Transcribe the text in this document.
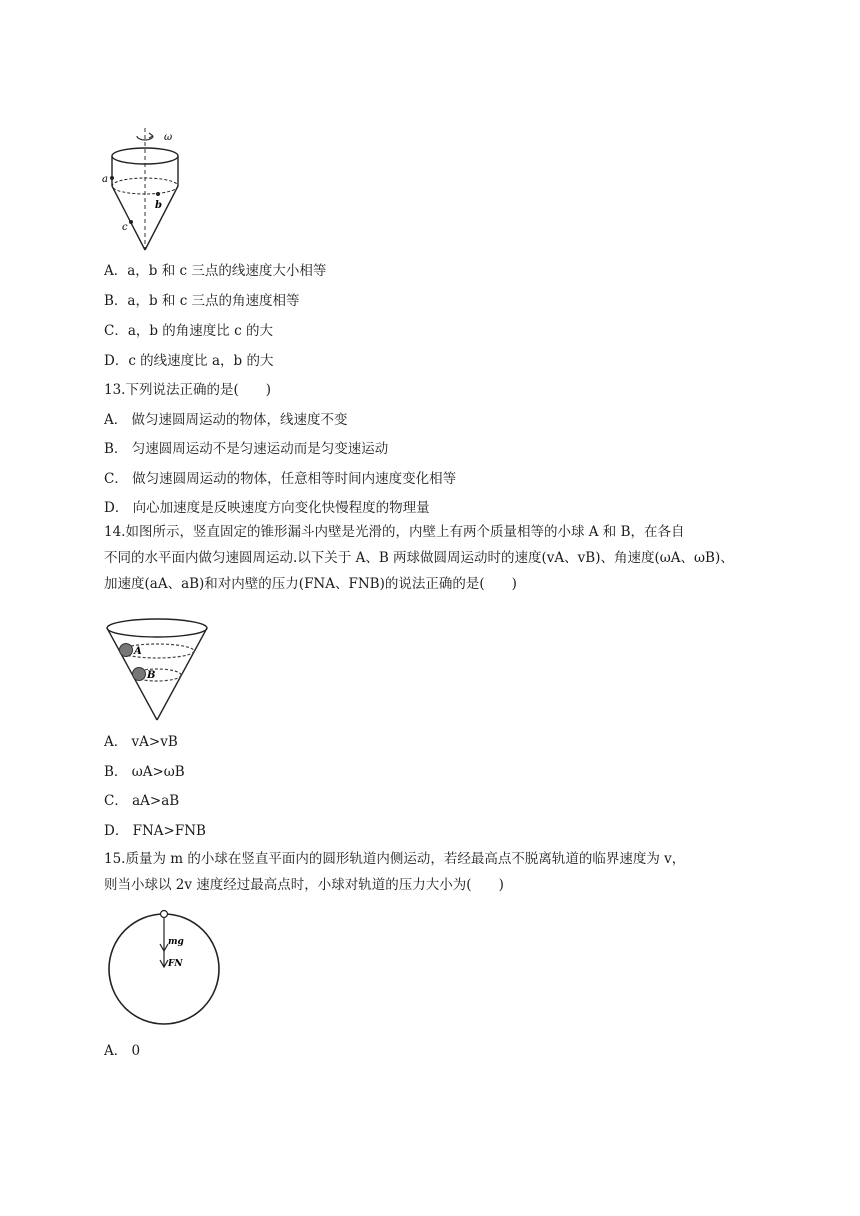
ω
a
b
c
A．a，b 和 c 三点的线速度大小相等
B．a，b 和 c 三点的角速度相等
C．a，b 的角速度比 c 的大
D．c 的线速度比 a，b 的大
13.下列说法正确的是(　　)
A． 做匀速圆周运动的物体，线速度不变
B． 匀速圆周运动不是匀速运动而是匀变速运动
C． 做匀速圆周运动的物体，任意相等时间内速度变化相等
D． 向心加速度是反映速度方向变化快慢程度的物理量
14.如图所示，竖直固定的锥形漏斗内壁是光滑的，内壁上有两个质量相等的小球 A 和 B，在各自
不同的水平面内做匀速圆周运动.以下关于 A、B 两球做圆周运动时的速度(vA、vB)、角速度(ωA、ωB)、
加速度(aA、aB)和对内壁的压力(FNA、FNB)的说法正确的是(　　)
A
B
A． vA>vB
B． ωA>ωB
C． aA>aB
D． FNA>FNB
15.质量为 m 的小球在竖直平面内的圆形轨道内侧运动，若经最高点不脱离轨道的临界速度为 v，
则当小球以 2v 速度经过最高点时，小球对轨道的压力大小为(　　)
mg
FN
A． 0
